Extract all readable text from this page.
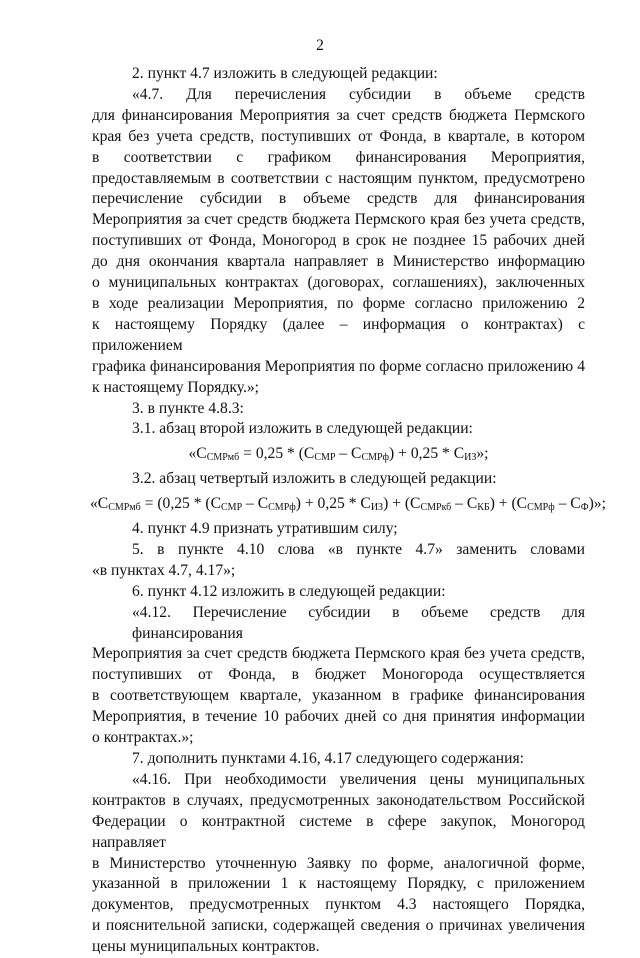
2

2. пункт 4.7 изложить в следующей редакции:

«4.7. Для перечисления субсидии в объеме средств

для финансирования Мероприятия за счет средств бюджета Пермского

края без учета средств, поступивших от Фонда, в квартале, в котором

в соответствии с графиком финансирования Мероприятия,

предоставляемым в соответствии с настоящим пунктом, предусмотрено

перечисление субсидии в объеме средств для финансирования

Мероприятия за счет средств бюджета Пермского края без учета средств,

поступивших от Фонда, Моногород в срок не позднее 15 рабочих дней

до дня окончания квартала направляет в Министерство информацию

о муниципальных контрактах (договорах, соглашениях), заключенных

в ходе реализации Мероприятия, по форме согласно приложению 2

к настоящему Порядку (далее – информация о контрактах) с приложением

графика финансирования Мероприятия по форме согласно приложению 4

к настоящему Порядку.»;

3. в пункте 4.8.3:

3.1. абзац второй изложить в следующей редакции:

«$С_{СМРмб} = 0,25 * (С_{СМР} - С_{СМРф}) + 0,25 * С_{ИЗ}$»;

3.2. абзац четвертый изложить в следующей редакции:

«$С_{СМРмб} = (0,25 * (С_{СМР} - С_{СМРф}) + 0,25 * С_{ИЗ}) + (С_{СМРкб} - С_{КБ}) + (С_{СМРф} - С_Ф)$»;

4. пункт 4.9 признать утратившим силу;

5. в пункте 4.10 слова «в пункте 4.7» заменить словами

«в пунктах 4.7, 4.17»;

6. пункт 4.12 изложить в следующей редакции:

«4.12. Перечисление субсидии в объеме средств для финансирования

Мероприятия за счет средств бюджета Пермского края без учета средств,

поступивших от Фонда, в бюджет Моногорода осуществляется

в соответствующем квартале, указанном в графике финансирования

Мероприятия, в течение 10 рабочих дней со дня принятия информации

о контрактах.»;

7. дополнить пунктами 4.16, 4.17 следующего содержания:

«4.16. При необходимости увеличения цены муниципальных

контрактов в случаях, предусмотренных законодательством Российской

Федерации о контрактной системе в сфере закупок, Моногород направляет

в Министерство уточненную Заявку по форме, аналогичной форме,

указанной в приложении 1 к настоящему Порядку, с приложением

документов, предусмотренных пунктом 4.3 настоящего Порядка,

и пояснительной записки, содержащей сведения о причинах увеличения

цены муниципальных контрактов.
